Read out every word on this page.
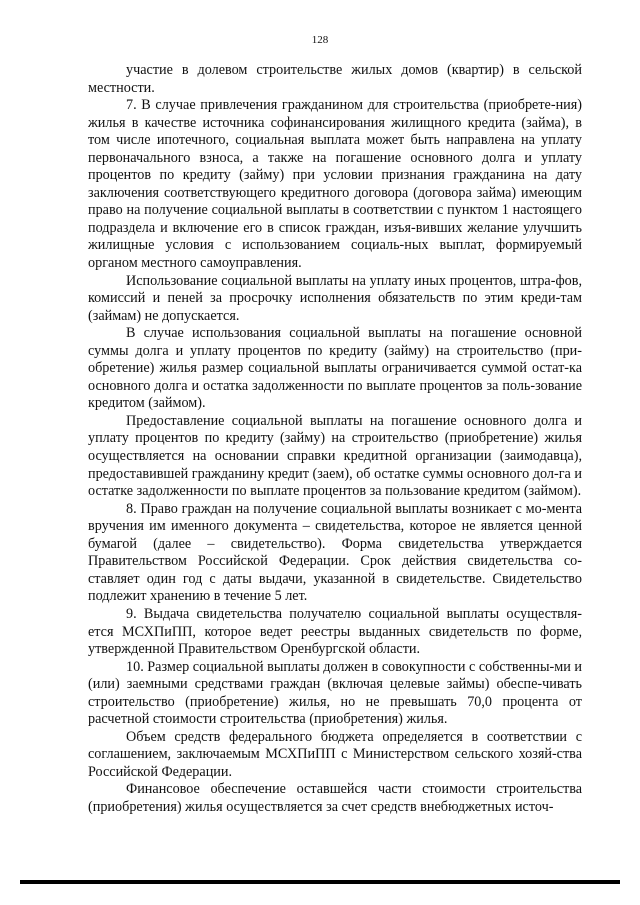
128

участие в долевом строительстве жилых домов (квартир) в сельской местности.

7. В случае привлечения гражданином для строительства (приобрете-ния) жилья в качестве источника софинансирования жилищного кредита (займа), в том числе ипотечного, социальная выплата может быть направлена на уплату первоначального взноса, а также на погашение основного долга и уплату процентов по кредиту (займу) при условии признания гражданина на дату заключения соответствующего кредитного договора (договора займа) имеющим право на получение социальной выплаты в соответствии с пунктом 1 настоящего подраздела и включение его в список граждан, изъя-вивших желание улучшить жилищные условия с использованием социаль-ных выплат, формируемый органом местного самоуправления.

Использование социальной выплаты на уплату иных процентов, штра-фов, комиссий и пеней за просрочку исполнения обязательств по этим креди-там (займам) не допускается.

В случае использования социальной выплаты на погашение основной суммы долга и уплату процентов по кредиту (займу) на строительство (при-обретение) жилья размер социальной выплаты ограничивается суммой остат-ка основного долга и остатка задолженности по выплате процентов за поль-зование кредитом (займом).

Предоставление социальной выплаты на погашение основного долга и уплату процентов по кредиту (займу) на строительство (приобретение) жилья осуществляется на основании справки кредитной организации (заимодавца), предоставившей гражданину кредит (заем), об остатке суммы основного дол-га и остатке задолженности по выплате процентов за пользование кредитом (займом).

8. Право граждан на получение социальной выплаты возникает с мо-мента вручения им именного документа – свидетельства, которое не является ценной бумагой (далее – свидетельство). Форма свидетельства утверждается Правительством Российской Федерации. Срок действия свидетельства со-ставляет один год с даты выдачи, указанной в свидетельстве. Свидетельство подлежит хранению в течение 5 лет.

9. Выдача свидетельства получателю социальной выплаты осуществля-ется МСХПиПП, которое ведет реестры выданных свидетельств по форме, утвержденной Правительством Оренбургской области.

10. Размер социальной выплаты должен в совокупности с собственны-ми и (или) заемными средствами граждан (включая целевые займы) обеспе-чивать строительство (приобретение) жилья, но не превышать 70,0 процента от расчетной стоимости строительства (приобретения) жилья.

Объем средств федерального бюджета определяется в соответствии с соглашением, заключаемым МСХПиПП с Министерством сельского хозяй-ства Российской Федерации.

Финансовое обеспечение оставшейся части стоимости строительства (приобретения) жилья осуществляется за счет средств внебюджетных источ-
